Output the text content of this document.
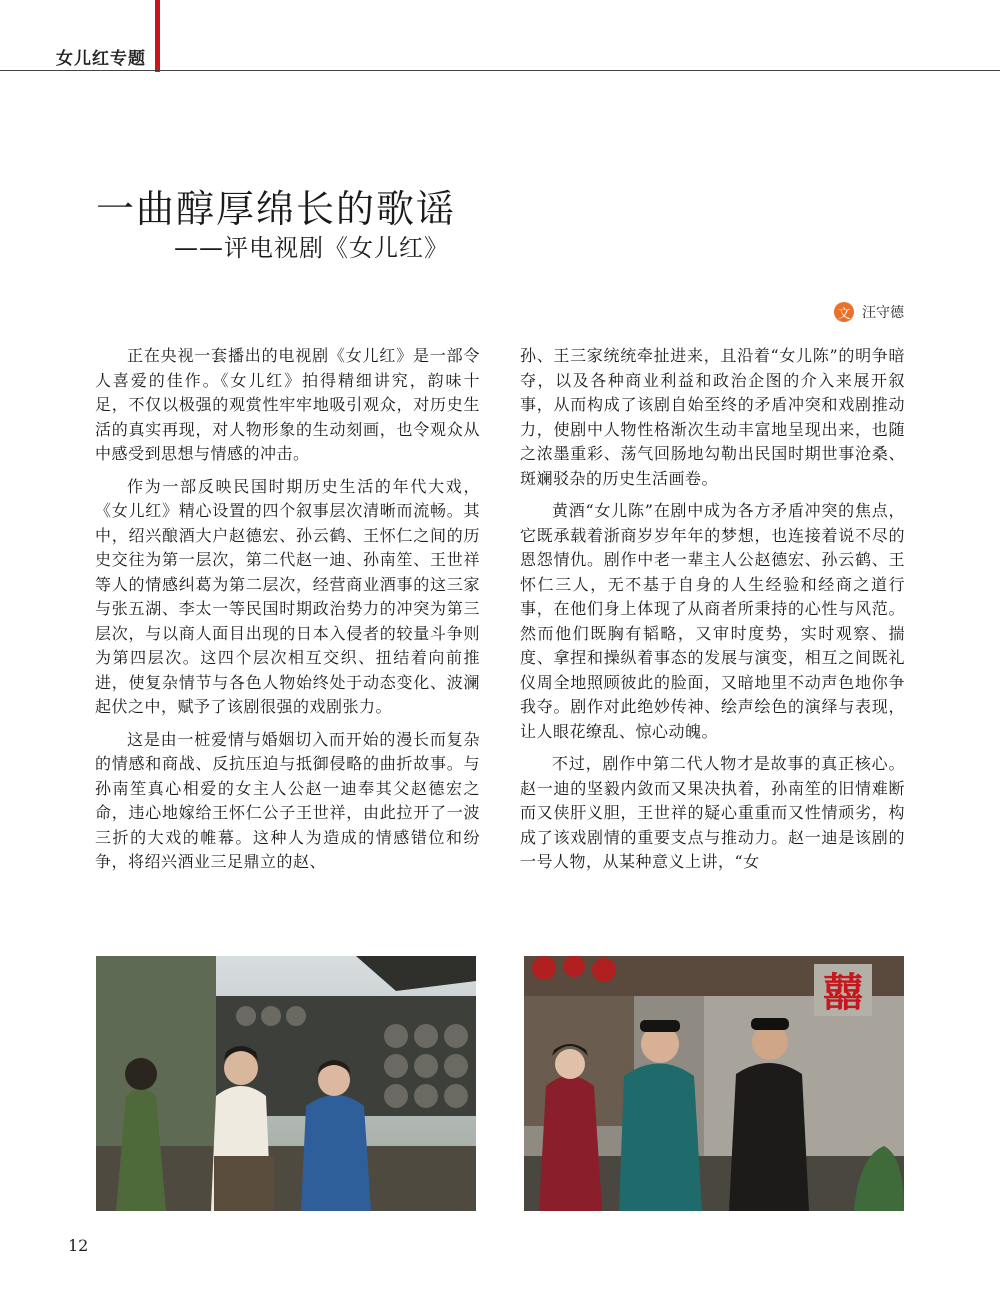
女儿红专题
一曲醇厚绵长的歌谣
——评电视剧《女儿红》
文 汪守德

正在央视一套播出的电视剧《女儿红》是一部令人喜爱的佳作。《女儿红》拍得精细讲究，韵味十足，不仅以极强的观赏性牢牢地吸引观众，对历史生活的真实再现，对人物形象的生动刻画，也令观众从中感受到思想与情感的冲击。

作为一部反映民国时期历史生活的年代大戏，《女儿红》精心设置的四个叙事层次清晰而流畅。其中，绍兴酿酒大户赵德宏、孙云鹤、王怀仁之间的历史交往为第一层次，第二代赵一迪、孙南笙、王世祥等人的情感纠葛为第二层次，经营商业酒事的这三家与张五湖、李太一等民国时期政治势力的冲突为第三层次，与以商人面目出现的日本入侵者的较量斗争则为第四层次。这四个层次相互交织、扭结着向前推进，使复杂情节与各色人物始终处于动态变化、波澜起伏之中，赋予了该剧很强的戏剧张力。

这是由一桩爱情与婚姻切入而开始的漫长而复杂的情感和商战、反抗压迫与抵御侵略的曲折故事。与孙南笙真心相爱的女主人公赵一迪奉其父赵德宏之命，违心地嫁给王怀仁公子王世祥，由此拉开了一波三折的大戏的帷幕。这种人为造成的情感错位和纷争，将绍兴酒业三足鼎立的赵、

孙、王三家统统牵扯进来，且沿着“女儿陈”的明争暗夺，以及各种商业利益和政治企图的介入来展开叙事，从而构成了该剧自始至终的矛盾冲突和戏剧推动力，使剧中人物性格渐次生动丰富地呈现出来，也随之浓墨重彩、荡气回肠地勾勒出民国时期世事沧桑、斑斓驳杂的历史生活画卷。

黄酒“女儿陈”在剧中成为各方矛盾冲突的焦点，它既承载着浙商岁岁年年的梦想，也连接着说不尽的恩怨情仇。剧作中老一辈主人公赵德宏、孙云鹤、王怀仁三人，无不基于自身的人生经验和经商之道行事，在他们身上体现了从商者所秉持的心性与风范。然而他们既胸有韬略，又审时度势，实时观察、揣度、拿捏和操纵着事态的发展与演变，相互之间既礼仪周全地照顾彼此的脸面，又暗地里不动声色地你争我夺。剧作对此绝妙传神、绘声绘色的演绎与表现，让人眼花缭乱、惊心动魄。

不过，剧作中第二代人物才是故事的真正核心。赵一迪的坚毅内敛而又果决执着，孙南笙的旧情难断而又侠肝义胆，王世祥的疑心重重而又性情顽劣，构成了该戏剧情的重要支点与推动力。赵一迪是该剧的一号人物，从某种意义上讲，“女

囍
12
